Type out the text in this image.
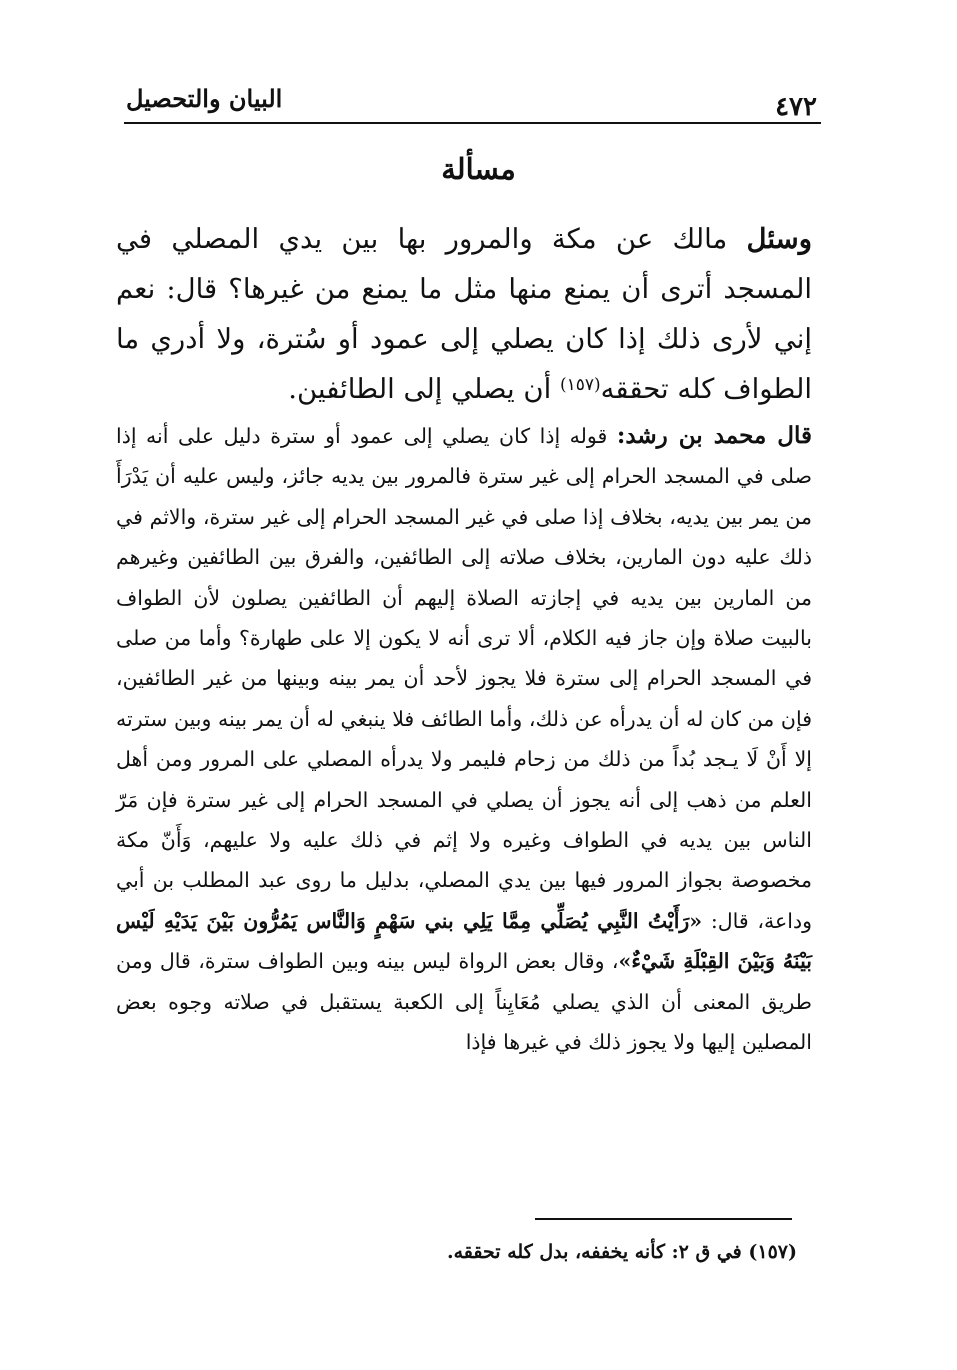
٤٧٢
البيان والتحصيل
مسألة

وسئل مالك عن مكة والمرور بها بين يدي المصلي في المسجد أترى أن يمنع منها مثل ما يمنع من غيرها؟ قال: نعم إني لأرى ذلك إذا كان يصلي إلى عمود أو سُترة، ولا أدري ما الطواف كله تحققه$^{(١٥٧)}$ أن يصلي إلى الطائفين.

قال محمد بن رشد: قوله إذا كان يصلي إلى عمود أو سترة دليل على أنه إذا صلى في المسجد الحرام إلى غير سترة فالمرور بين يديه جائز، وليس عليه أن يَدْرَأَ من يمر بين يديه، بخلاف إذا صلى في غير المسجد الحرام إلى غير سترة، والاثم في ذلك عليه دون المارين، بخلاف صلاته إلى الطائفين، والفرق بين الطائفين وغيرهم من المارين بين يديه في إجازته الصلاة إليهم أن الطائفين يصلون لأن الطواف بالبيت صلاة وإن جاز فيه الكلام، ألا ترى أنه لا يكون إلا على طهارة؟ وأما من صلى في المسجد الحرام إلى سترة فلا يجوز لأحد أن يمر بينه وبينها من غير الطائفين، فإن من كان له أن يدرأه عن ذلك، وأما الطائف فلا ينبغي له أن يمر بينه وبين سترته إلا أَنْ لَا يـجد بُداً من ذلك من زحام فليمر ولا يدرأه المصلي على المرور ومن أهل العلم من ذهب إلى أنه يجوز أن يصلي في المسجد الحرام إلى غير سترة فإن مَرّ الناس بين يديه في الطواف وغيره ولا إثم في ذلك عليه ولا عليهم، وَأَنّ مكة مخصوصة بجواز المرور فيها بين يدي المصلي، بدليل ما روى عبد المطلب بن أبي وداعة، قال: «رَأَيْتُ النَّبِي يُصَلِّي مِمَّا يَلِي بني سَهْمٍ وَالنَّاس يَمُرُّون بَيْنَ يَدَيْهِ لَيْس بَيْنَهُ وَبَيْنَ القِبْلَةِ شَيْءٌ»، وقال بعض الرواة ليس بينه وبين الطواف سترة، قال ومن طريق المعنى أن الذي يصلي مُعَايِناً إلى الكعبة يستقبل في صلاته وجوه بعض المصلين إليها ولا يجوز ذلك في غيرها فإذا

(١٥٧) في ق ٢: كأنه يخففه، بدل كله تحققه.
